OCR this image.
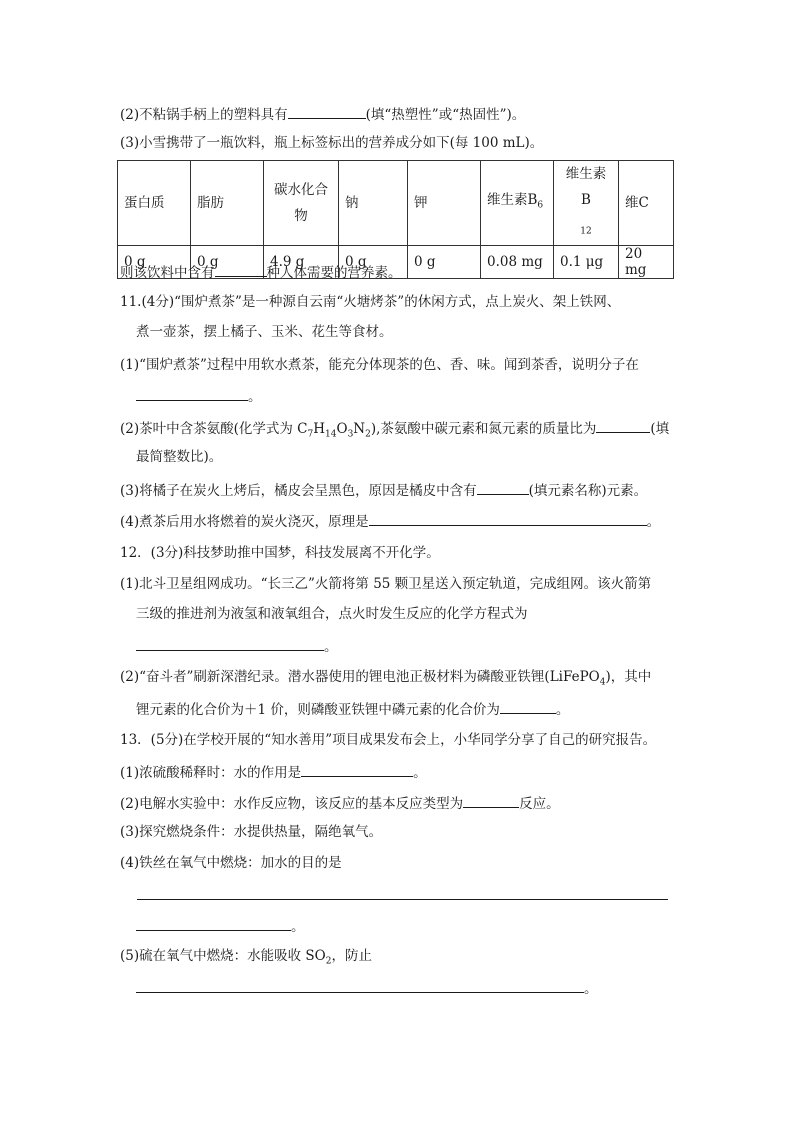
(2)不粘锅手柄上的塑料具有	(填“热塑性”或“热固性”)。
(3)小雪携带了一瓶饮料，瓶上标签标出的营养成分如下(每 100 mL)。
蛋白质	脂肪	碳水化合物	钠	钾	维生素$B_6$	维生素$B_{12}$	维C
0 g	0 g	4.9 g	0 g	0 g	0.08 mg	0.1 μg	20 mg
则该饮料中含有	种人体需要的营养素。
11.(4分)“围炉煮茶”是一种源自云南“火塘烤茶”的休闲方式，点上炭火、架上铁网、
煮一壶茶，摆上橘子、玉米、花生等食材。
(1)“围炉煮茶”过程中用软水煮茶，能充分体现茶的色、香、味。闻到茶香，说明分子在
。
(2)茶叶中含茶氨酸(化学式为 $C_7H_{14}O_3N_2$),茶氨酸中碳元素和氮元素的质量比为	(填
最简整数比)。
(3)将橘子在炭火上烤后，橘皮会呈黑色，原因是橘皮中含有	(填元素名称)元素。
(4)煮茶后用水将燃着的炭火浇灭，原理是	。
12．(3分)科技梦助推中国梦，科技发展离不开化学。
(1)北斗卫星组网成功。“长三乙”火箭将第 55 颗卫星送入预定轨道，完成组网。该火箭第
三级的推进剂为液氢和液氧组合，点火时发生反应的化学方程式为
。
(2)“奋斗者”刷新深潜纪录。潜水器使用的锂电池正极材料为磷酸亚铁锂(LiFePO$_4$)，其中
锂元素的化合价为＋1 价，则磷酸亚铁锂中磷元素的化合价为	。
13．(5分)在学校开展的“知水善用”项目成果发布会上，小华同学分享了自己的研究报告。
(1)浓硫酸稀释时：水的作用是	。
(2)电解水实验中：水作反应物，该反应的基本反应类型为	反应。
(3)探究燃烧条件：水提供热量，隔绝氧气。
(4)铁丝在氧气中燃烧：加水的目的是
。
(5)硫在氧气中燃烧：水能吸收 $SO_2$，防止
。
